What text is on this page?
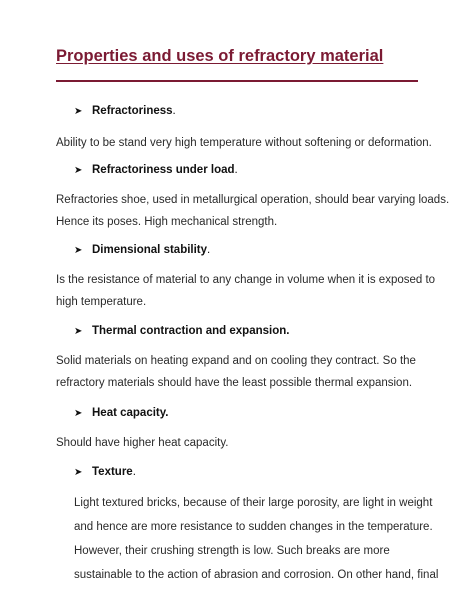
Properties and uses of refractory material
➤ Refractoriness .

Ability to be stand very high temperature without softening or deformation.

➤ Refractoriness under load .

Refractories shoe, used in metallurgical operation, should bear varying loads.

Hence its poses. High mechanical strength.

➤ Dimensional stability .

Is the resistance of material to any change in volume when it is exposed to

high temperature.

➤ Thermal contraction and expansion.

Solid materials on heating expand and on cooling they contract. So the

refractory materials should have the least possible thermal expansion.

➤ Heat capacity.

Should have higher heat capacity.

➤ Texture .

Light textured bricks, because of their large porosity, are light in weight

and hence are more resistance to sudden changes in the temperature.

However, their crushing strength is low. Such breaks are more

sustainable to the action of abrasion and corrosion. On other hand, final
